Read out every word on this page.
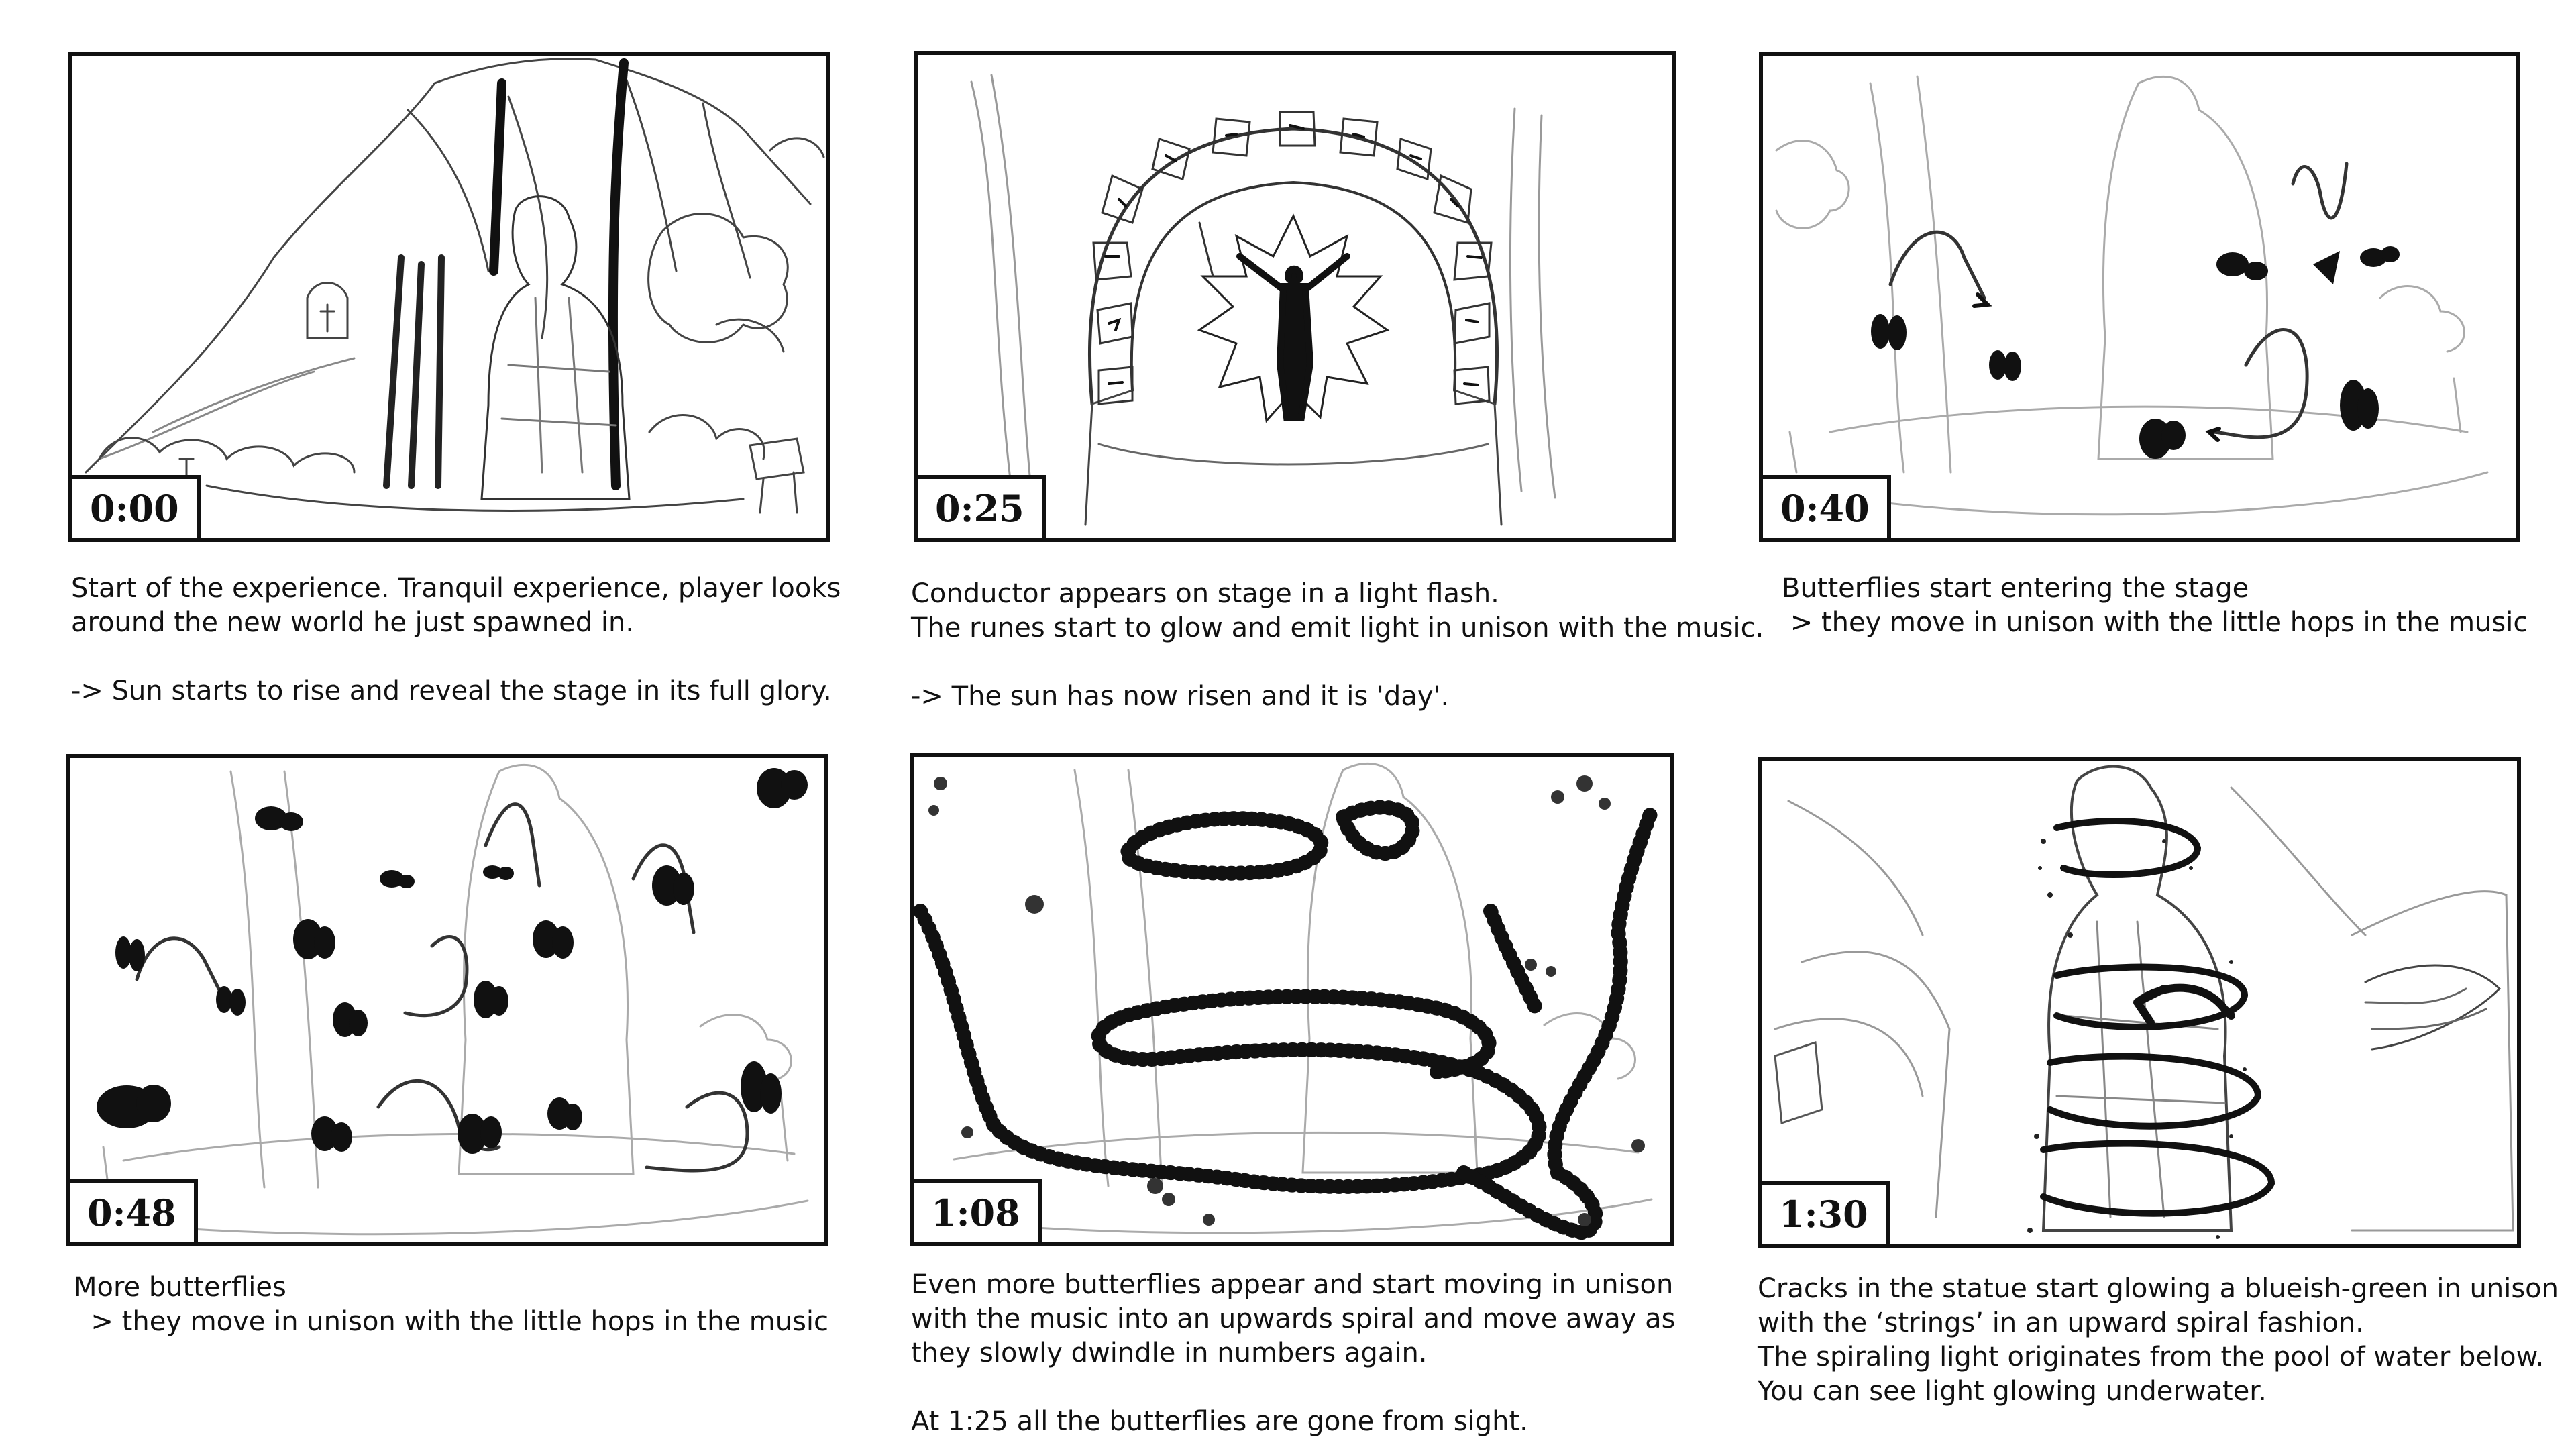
0:00

Start of the experience. Tranquil experience, player looks

around the new world he just spawned in.

-> Sun starts to rise and reveal the stage in its full glory.

0:25

Conductor appears on stage in a light flash.

The runes start to glow and emit light in unison with the music.

-> The sun has now risen and it is 'day'.

0:40

Butterflies start entering the stage

> they move in unison with the little hops in the music

0:48

More butterflies

> they move in unison with the little hops in the music

1:08

Even more butterflies appear and start moving in unison

with the music into an upwards spiral and move away as

they slowly dwindle in numbers again.

At 1:25 all the butterflies are gone from sight.

1:30

Cracks in the statue start glowing a blueish-green in unison

with the ‘strings’ in an upward spiral fashion.

The spiraling light originates from the pool of water below.

You can see light glowing underwater.
